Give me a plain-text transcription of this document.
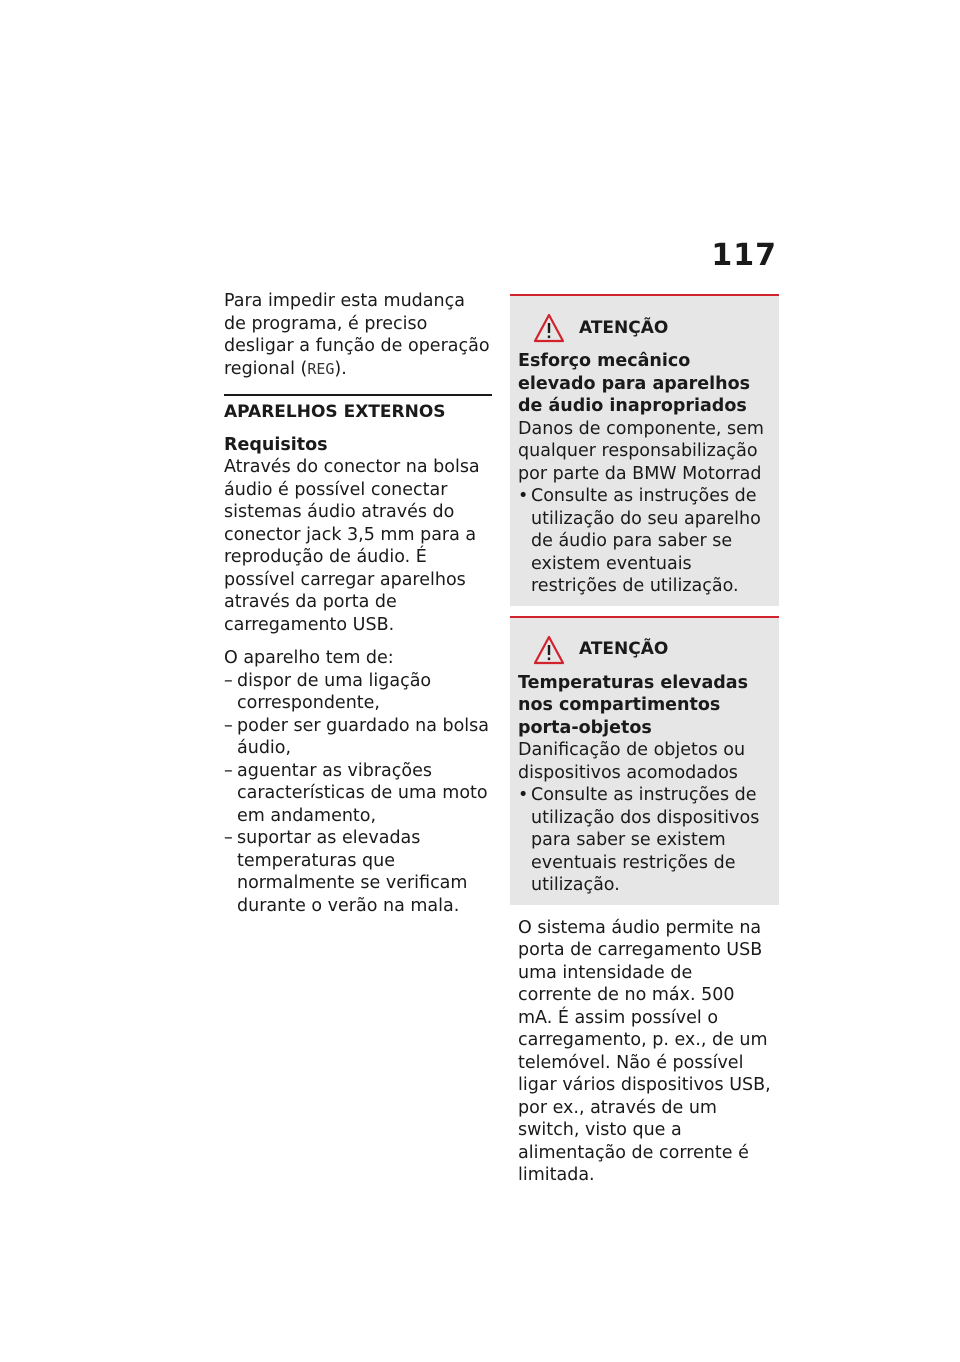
117

Para impedir esta mudança de programa, é preciso desligar a função de operação regional (REG).

APARELHOS EXTERNOS
Requisitos

Através do conector na bolsa áudio é possível conectar sistemas áudio através do conector jack 3,5 mm para a reprodução de áudio. É possível carregar aparelhos através da porta de carregamento USB.

O aparelho tem de:

– dispor de uma ligação correspondente,
– poder ser guardado na bolsa áudio,
– aguentar as vibrações características de uma moto em andamento,
– suportar as elevadas temperaturas que normalmente se verificam durante o verão na mala.
ATENÇÃO
Esforço mecânico elevado para aparelhos de áudio inapropriados

Danos de componente, sem qualquer responsabilização por parte da BMW Motorrad

• Consulte as instruções de utilização do seu aparelho de áudio para saber se existem eventuais restrições de utilização.
ATENÇÃO
Temperaturas elevadas nos compartimentos porta-objetos

Danificação de objetos ou dispositivos acomodados

• Consulte as instruções de utilização dos dispositivos para saber se existem eventuais restrições de utilização.

O sistema áudio permite na porta de carregamento USB uma intensidade de corrente de no máx. 500 mA. É assim possível o carregamento, p. ex., de um telemóvel. Não é possível ligar vários dispositivos USB, por ex., através de um switch, visto que a alimentação de corrente é limitada.
